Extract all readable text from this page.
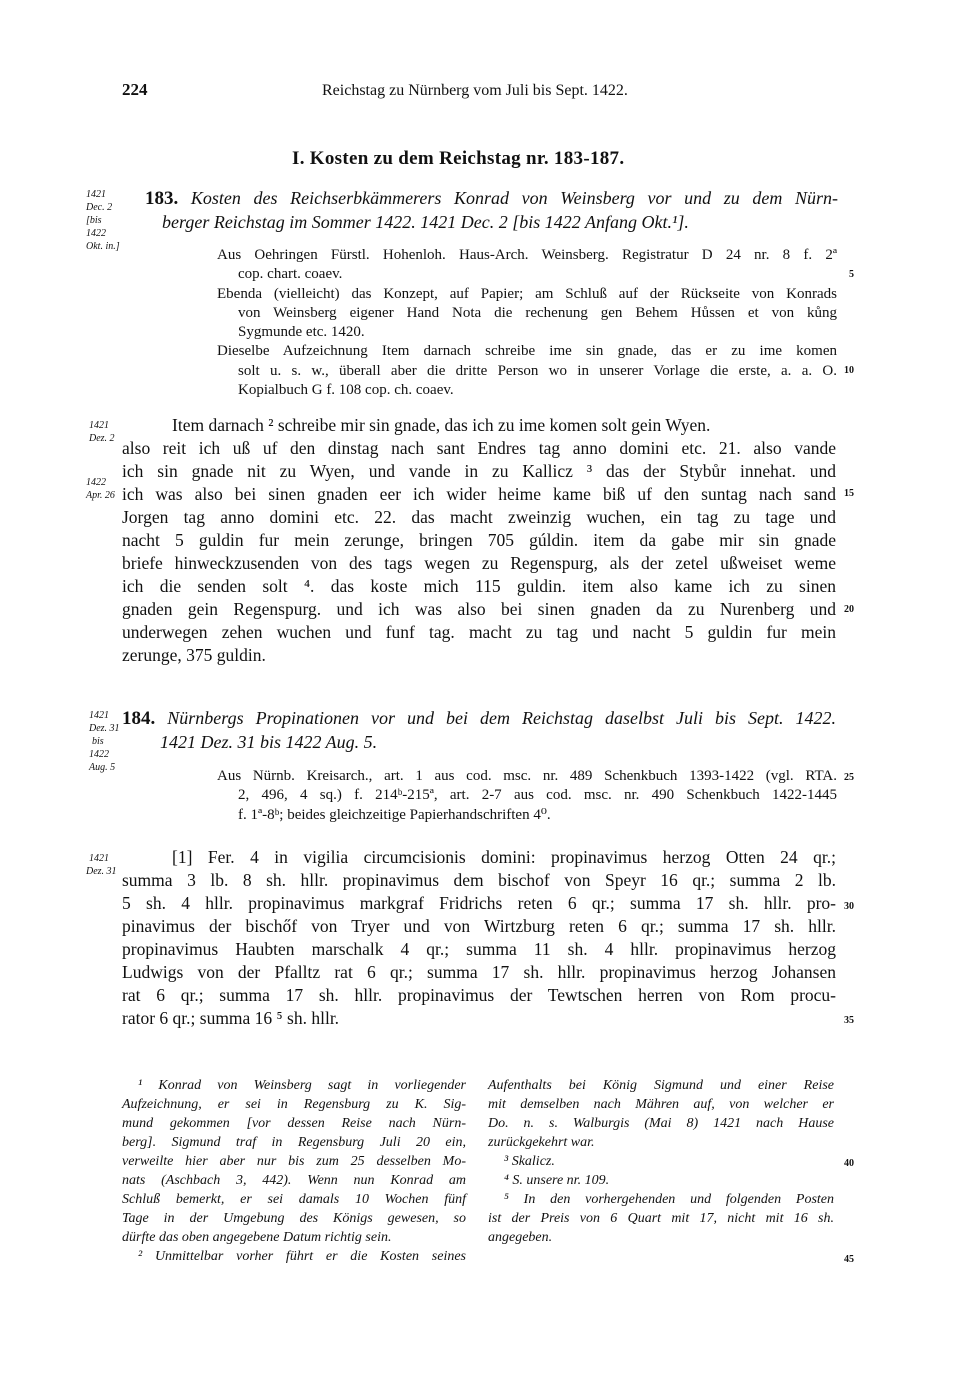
224	Reichstag zu Nürnberg vom Juli bis Sept. 1422.
I. Kosten zu dem Reichstag nr. 183-187.
1421
Dec. 2
[bis
1422
Okt. in.]
183. Kosten des Reichserbkämmerers Konrad von Weinsberg vor und zu dem Nürn-
berger Reichstag im Sommer 1422. 1421 Dec. 2 [bis 1422 Anfang Okt.¹].
Aus Oehringen Fürstl. Hohenloh. Haus-Arch. Weinsberg. Registratur D 24 nr. 8 f. 2ª
cop. chart. coaev.
Ebenda (vielleicht) das Konzept, auf Papier; am Schluß auf der Rückseite von Konrads
von Weinsberg eigener Hand Nota die rechenung gen Behem Hůssen et von kůng
Sygmunde etc. 1420.
Dieselbe Aufzeichnung Item darnach schreibe ime sin gnade, das er zu ime komen
solt u. s. w., überall aber die dritte Person wo in unserer Vorlage die erste, a. a. O.
Kopialbuch G f. 108 cop. ch. coaev.
1421
Dez. 2
1422
Apr. 26
Item darnach ² schreibe mir sin gnade, das ich zu ime komen solt gein Wyen.
also reit ich uß uf den dinstag nach sant Endres tag anno domini etc. 21. also vande
ich sin gnade nit zu Wyen, und vande in zu Kallicz ³ das der Stybůr innehat. und
ich was also bei sinen gnaden eer ich wider heime kame biß uf den suntag nach sand
Jorgen tag anno domini etc. 22. das macht zweinzig wuchen, ein tag zu tage und
nacht 5 guldin fur mein zerunge, bringen 705 gúldin. item da gabe mir sin gnade
briefe hinweckzusenden von des tags wegen zu Regenspurg, als der zetel ußweiset weme
ich die senden solt ⁴. das koste mich 115 guldin. item also kame ich zu sinen
gnaden gein Regenspurg. und ich was also bei sinen gnaden da zu Nurenberg und
underwegen zehen wuchen und funf tag. macht zu tag und nacht 5 guldin fur mein
zerunge, 375 guldin.
1421
Dez. 31
bis
1422
Aug. 5
184. Nürnbergs Propinationen vor und bei dem Reichstag daselbst Juli bis Sept. 1422.
1421 Dez. 31 bis 1422 Aug. 5.
Aus Nürnb. Kreisarch., art. 1 aus cod. msc. nr. 489 Schenkbuch 1393-1422 (vgl. RTA.
2, 496, 4 sq.) f. 214ᵇ-215ª, art. 2-7 aus cod. msc. nr. 490 Schenkbuch 1422-1445
f. 1ª-8ᵇ; beides gleichzeitige Papierhandschriften 4⁰.
1421
Dez. 31
[1] Fer. 4 in vigilia circumcisionis domini: propinavimus herzog Otten 24 qr.;
summa 3 lb. 8 sh. hllr. propinavimus dem bischof von Speyr 16 qr.; summa 2 lb.
5 sh. 4 hllr. propinavimus markgraf Fridrichs reten 6 qr.; summa 17 sh. hllr. pro-
pinavimus der bischőf von Tryer und von Wirtzburg reten 6 qr.; summa 17 sh. hllr.
propinavimus Haubten marschalk 4 qr.; summa 11 sh. 4 hllr. propinavimus herzog
Ludwigs von der Pfalltz rat 6 qr.; summa 17 sh. hllr. propinavimus herzog Johansen
rat 6 qr.; summa 17 sh. hllr. propinavimus der Tewtschen herren von Rom procu-
rator 6 qr.; summa 16 ⁵ sh. hllr.
5
10
15
20
25
30
35
40
45
¹ Konrad von Weinsberg sagt in vorliegender
Aufzeichnung, er sei in Regensburg zu K. Sig-
mund gekommen [vor dessen Reise nach Nürn-
berg]. Sigmund traf in Regensburg Juli 20 ein,
verweilte hier aber nur bis zum 25 desselben Mo-
nats (Aschbach 3, 442). Wenn nun Konrad am
Schluß bemerkt, er sei damals 10 Wochen fünf
Tage in der Umgebung des Königs gewesen, so
dürfte das oben angegebene Datum richtig sein.
² Unmittelbar vorher führt er die Kosten seines
Aufenthalts bei König Sigmund und einer Reise
mit demselben nach Mähren auf, von welcher er
Do. n. s. Walburgis (Mai 8) 1421 nach Hause
zurückgekehrt war.
³ Skalicz.
⁴ S. unsere nr. 109.
⁵ In den vorhergehenden und folgenden Posten
ist der Preis von 6 Quart mit 17, nicht mit 16 sh.
angegeben.
